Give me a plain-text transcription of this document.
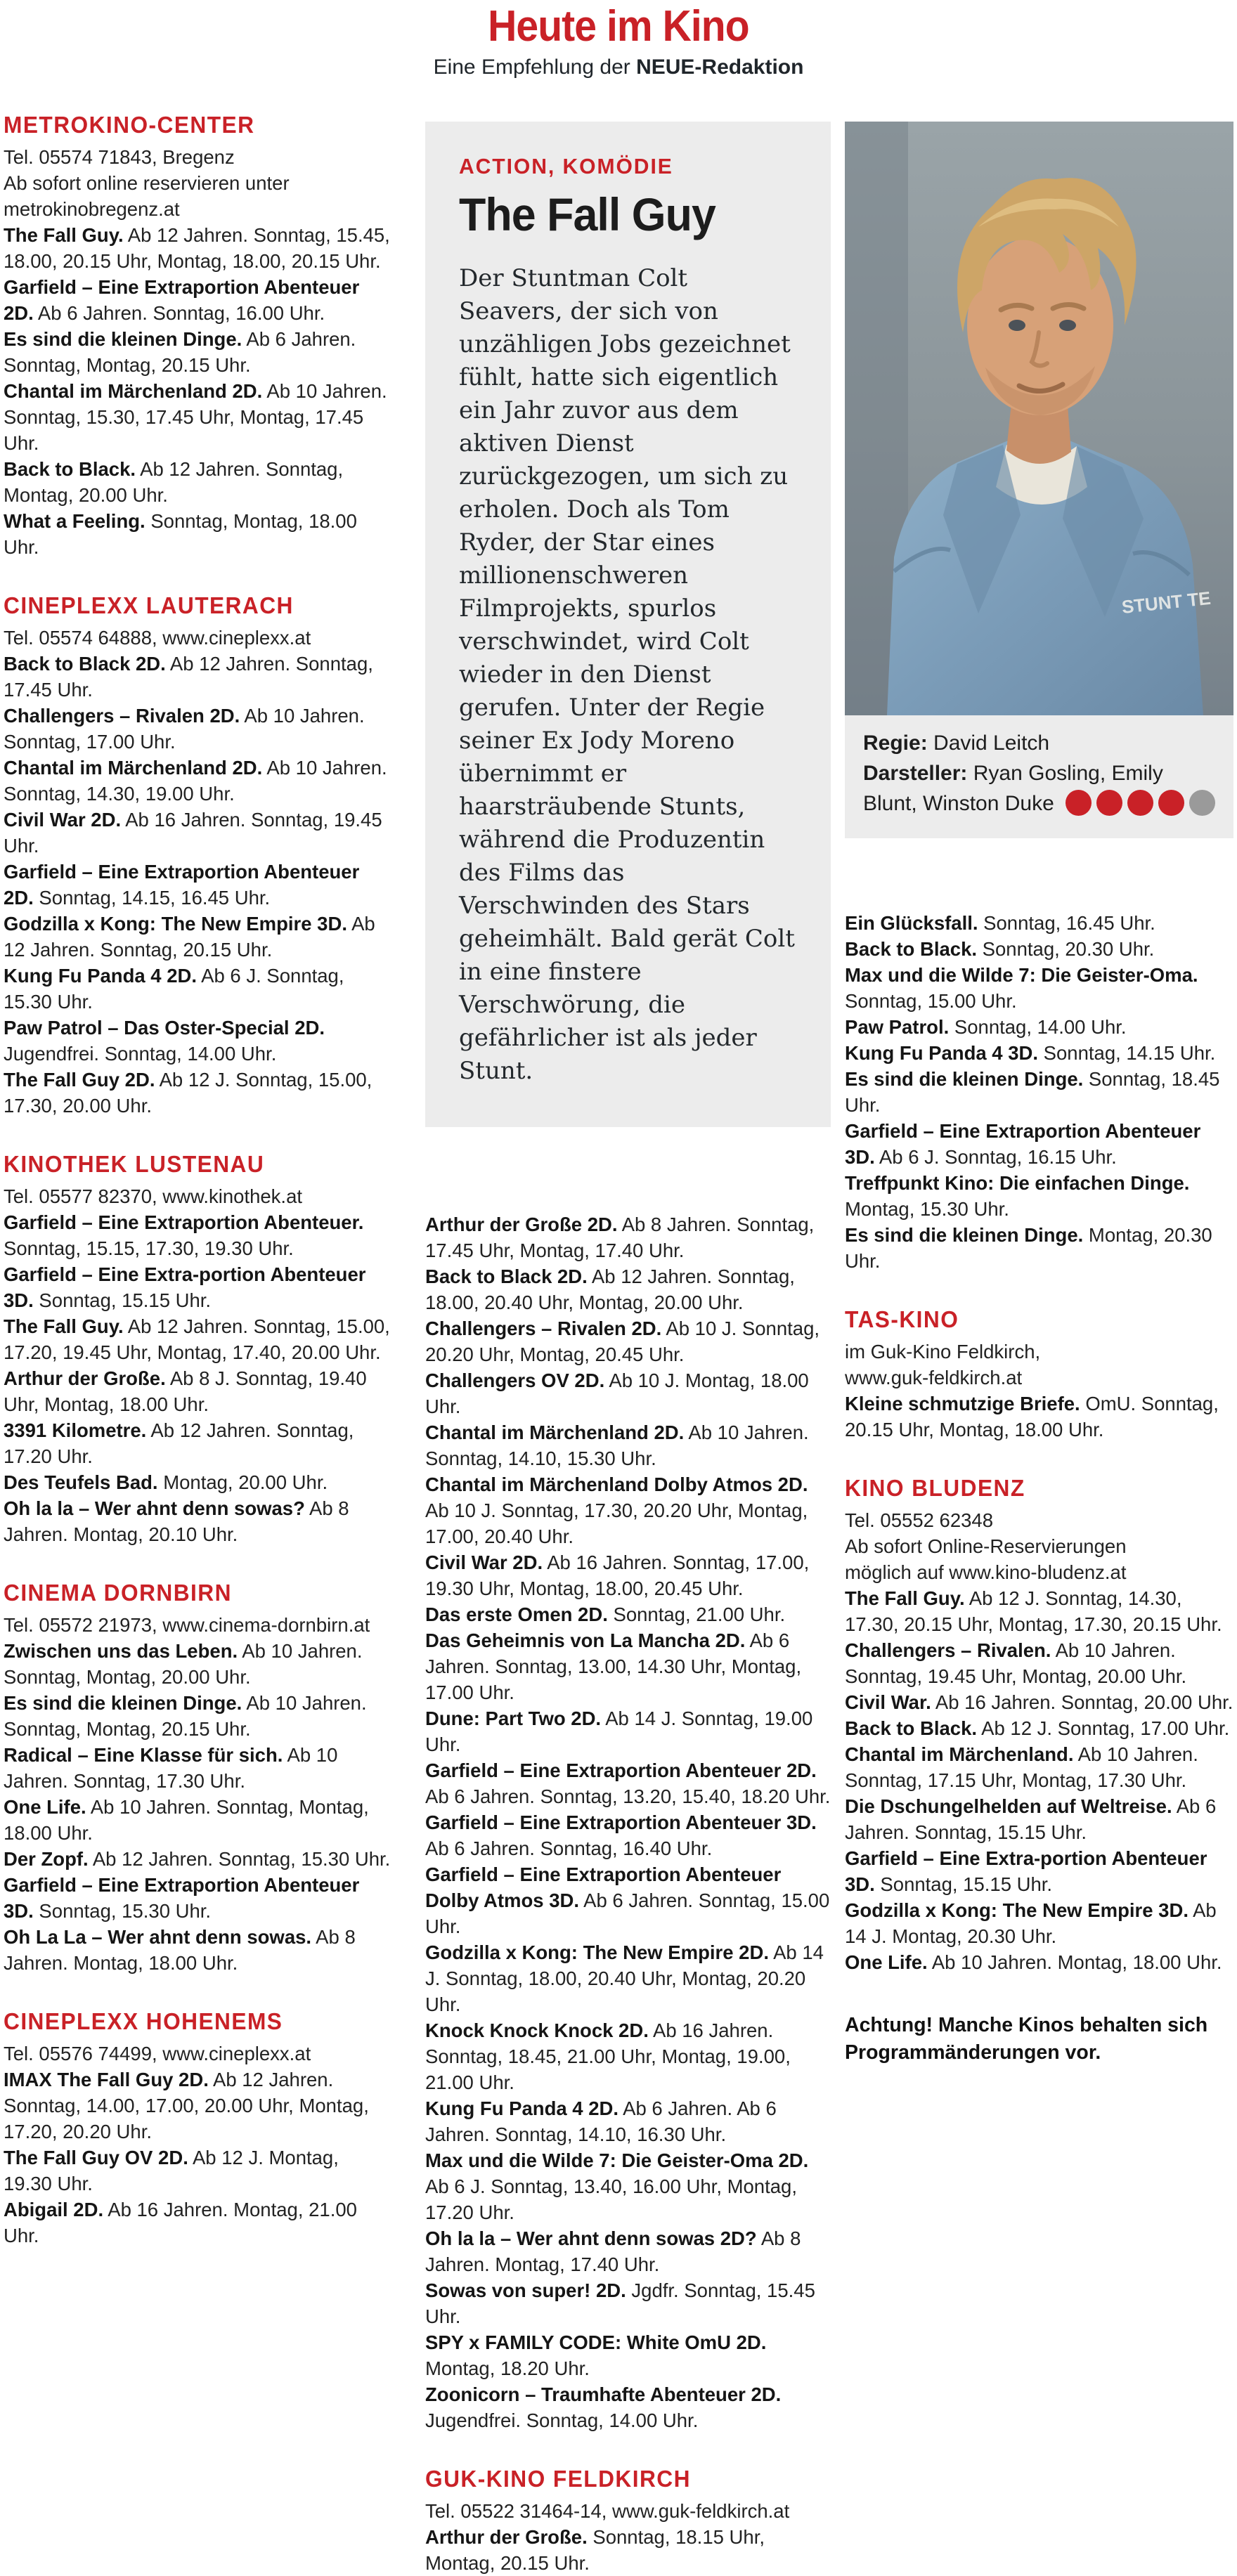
Heute im Kino

Eine Empfehlung der NEUE-Redaktion

METROKINO-CENTER
Tel. 05574 71843, Bregenz
Ab sofort online reservieren unter
metrokinobregenz.at

The Fall Guy. Ab 12 Jahren. Sonntag, 15.45, 18.00, 20.15 Uhr, Montag, 18.00, 20.15 Uhr.

Garfield – Eine Extraportion Abenteuer 2D. Ab 6 Jahren. Sonntag, 16.00 Uhr.

Es sind die kleinen Dinge. Ab 6 Jahren. Sonntag, Montag, 20.15 Uhr.

Chantal im Märchenland 2D. Ab 10 Jahren. Sonntag, 15.30, 17.45 Uhr, Montag, 17.45 Uhr.

Back to Black. Ab 12 Jahren. Sonntag, Montag, 20.00 Uhr.

What a Feeling. Sonntag, Montag, 18.00 Uhr.

CINEPLEXX LAUTERACH
Tel. 05574 64888, www.cineplexx.at

Back to Black 2D. Ab 12 Jahren. Sonntag, 17.45 Uhr.

Challengers – Rivalen 2D. Ab 10 Jahren. Sonntag, 17.00 Uhr.

Chantal im Märchenland 2D. Ab 10 Jahren. Sonntag, 14.30, 19.00 Uhr.

Civil War 2D. Ab 16 Jahren. Sonntag, 19.45 Uhr.

Garfield – Eine Extraportion Abenteuer 2D. Sonntag, 14.15, 16.45 Uhr.

Godzilla x Kong: The New Empire 3D. Ab 12 Jahren. Sonntag, 20.15 Uhr.

Kung Fu Panda 4 2D. Ab 6 J. Sonntag, 15.30 Uhr.

Paw Patrol – Das Oster-Special 2D. Jugendfrei. Sonntag, 14.00 Uhr.

The Fall Guy 2D. Ab 12 J. Sonntag, 15.00, 17.30, 20.00 Uhr.

KINOTHEK LUSTENAU
Tel. 05577 82370, www.kinothek.at

Garfield – Eine Extraportion Abenteuer. Sonntag, 15.15, 17.30, 19.30 Uhr.

Garfield – Eine Extra-portion Abenteuer 3D. Sonntag, 15.15 Uhr.

The Fall Guy. Ab 12 Jahren. Sonntag, 15.00, 17.20, 19.45 Uhr, Montag, 17.40, 20.00 Uhr.

Arthur der Große. Ab 8 J. Sonntag, 19.40 Uhr, Montag, 18.00 Uhr.

3391 Kilometre. Ab 12 Jahren. Sonntag, 17.20 Uhr.

Des Teufels Bad. Montag, 20.00 Uhr.

Oh la la – Wer ahnt denn sowas? Ab 8 Jahren. Montag, 20.10 Uhr.

CINEMA DORNBIRN
Tel. 05572 21973, www.cinema-dornbirn.at

Zwischen uns das Leben. Ab 10 Jahren. Sonntag, Montag, 20.00 Uhr.

Es sind die kleinen Dinge. Ab 10 Jahren. Sonntag, Montag, 20.15 Uhr.

Radical – Eine Klasse für sich. Ab 10 Jahren. Sonntag, 17.30 Uhr.

One Life. Ab 10 Jahren. Sonntag, Montag, 18.00 Uhr.

Der Zopf. Ab 12 Jahren. Sonntag, 15.30 Uhr.

Garfield – Eine Extraportion Abenteuer 3D. Sonntag, 15.30 Uhr.

Oh La La – Wer ahnt denn sowas. Ab 8 Jahren. Montag, 18.00 Uhr.

CINEPLEXX HOHENEMS
Tel. 05576 74499, www.cineplexx.at

IMAX The Fall Guy 2D. Ab 12 Jahren. Sonntag, 14.00, 17.00, 20.00 Uhr, Montag, 17.20, 20.20 Uhr.

The Fall Guy OV 2D. Ab 12 J. Montag, 19.30 Uhr.

Abigail 2D. Ab 16 Jahren. Montag, 21.00 Uhr.

ACTION, KOMÖDIE
The Fall Guy

Der Stuntman Colt Seavers, der sich von unzähligen Jobs gezeichnet fühlt, hatte sich eigentlich ein Jahr zuvor aus dem aktiven Dienst zurückgezogen, um sich zu erholen. Doch als Tom Ryder, der Star eines millionenschweren Filmprojekts, spurlos verschwindet, wird Colt wieder in den Dienst gerufen. Unter der Regie seiner Ex Jody Moreno übernimmt er haarsträubende Stunts, während die Produzentin des Films das Verschwinden des Stars geheimhält. Bald gerät Colt in eine finstere Verschwörung, die gefährlicher ist als jeder Stunt.

Arthur der Große 2D. Ab 8 Jahren. Sonntag, 17.45 Uhr, Montag, 17.40 Uhr.

Back to Black 2D. Ab 12 Jahren. Sonntag, 18.00, 20.40 Uhr, Montag, 20.00 Uhr.

Challengers – Rivalen 2D. Ab 10 J. Sonntag, 20.20 Uhr, Montag, 20.45 Uhr.

Challengers OV 2D. Ab 10 J. Montag, 18.00 Uhr.

Chantal im Märchenland 2D. Ab 10 Jahren. Sonntag, 14.10, 15.30 Uhr.

Chantal im Märchenland Dolby Atmos 2D. Ab 10 J. Sonntag, 17.30, 20.20 Uhr, Montag, 17.00, 20.40 Uhr.

Civil War 2D. Ab 16 Jahren. Sonntag, 17.00, 19.30 Uhr, Montag, 18.00, 20.45 Uhr.

Das erste Omen 2D. Sonntag, 21.00 Uhr.

Das Geheimnis von La Mancha 2D. Ab 6 Jahren. Sonntag, 13.00, 14.30 Uhr, Montag, 17.00 Uhr.

Dune: Part Two 2D. Ab 14 J. Sonntag, 19.00 Uhr.

Garfield – Eine Extraportion Abenteuer 2D. Ab 6 Jahren. Sonntag, 13.20, 15.40, 18.20 Uhr.

Garfield – Eine Extraportion Abenteuer 3D. Ab 6 Jahren. Sonntag, 16.40 Uhr.

Garfield – Eine Extraportion Abenteuer Dolby Atmos 3D. Ab 6 Jahren. Sonntag, 15.00 Uhr.

Godzilla x Kong: The New Empire 2D. Ab 14 J. Sonntag, 18.00, 20.40 Uhr, Montag, 20.20 Uhr.

Knock Knock Knock 2D. Ab 16 Jahren. Sonntag, 18.45, 21.00 Uhr, Montag, 19.00, 21.00 Uhr.

Kung Fu Panda 4 2D. Ab 6 Jahren. Ab 6 Jahren. Sonntag, 14.10, 16.30 Uhr.

Max und die Wilde 7: Die Geister-Oma 2D. Ab 6 J. Sonntag, 13.40, 16.00 Uhr, Montag, 17.20 Uhr.

Oh la la – Wer ahnt denn sowas 2D? Ab 8 Jahren. Montag, 17.40 Uhr.

Sowas von super! 2D. Jgdfr. Sonntag, 15.45 Uhr.

SPY x FAMILY CODE: White OmU 2D. Montag, 18.20 Uhr.

Zoonicorn – Traumhafte Abenteuer 2D. Jugendfrei. Sonntag, 14.00 Uhr.

GUK-KINO FELDKIRCH
Tel. 05522 31464-14, www.guk-feldkirch.at

Arthur der Große. Sonntag, 18.15 Uhr, Montag, 20.15 Uhr.

STUNT TE

Regie: David Leitch

Darsteller: Ryan Gosling, Emily Blunt, Winston Duke

Ein Glücksfall. Sonntag, 16.45 Uhr.

Back to Black. Sonntag, 20.30 Uhr.

Max und die Wilde 7: Die Geister-Oma. Sonntag, 15.00 Uhr.

Paw Patrol. Sonntag, 14.00 Uhr.

Kung Fu Panda 4 3D. Sonntag, 14.15 Uhr.

Es sind die kleinen Dinge. Sonntag, 18.45 Uhr.

Garfield – Eine Extraportion Abenteuer 3D. Ab 6 J. Sonntag, 16.15 Uhr.

Treffpunkt Kino: Die einfachen Dinge. Montag, 15.30 Uhr.

Es sind die kleinen Dinge. Montag, 20.30 Uhr.

TAS-KINO
im Guk-Kino Feldkirch,
www.guk-feldkirch.at

Kleine schmutzige Briefe. OmU. Sonntag, 20.15 Uhr, Montag, 18.00 Uhr.

KINO BLUDENZ
Tel. 05552 62348
Ab sofort Online-Reservierungen
möglich auf www.kino-bludenz.at

The Fall Guy. Ab 12 J. Sonntag, 14.30, 17.30, 20.15 Uhr, Montag, 17.30, 20.15 Uhr.

Challengers – Rivalen. Ab 10 Jahren. Sonntag, 19.45 Uhr, Montag, 20.00 Uhr.

Civil War. Ab 16 Jahren. Sonntag, 20.00 Uhr.

Back to Black. Ab 12 J. Sonntag, 17.00 Uhr.

Chantal im Märchenland. Ab 10 Jahren. Sonntag, 17.15 Uhr, Montag, 17.30 Uhr.

Die Dschungelhelden auf Weltreise. Ab 6 Jahren. Sonntag, 15.15 Uhr.

Garfield – Eine Extra-portion Abenteuer 3D. Sonntag, 15.15 Uhr.

Godzilla x Kong: The New Empire 3D. Ab 14 J. Montag, 20.30 Uhr.

One Life. Ab 10 Jahren. Montag, 18.00 Uhr.

Achtung! Manche Kinos behalten sich Programmänderungen vor.
